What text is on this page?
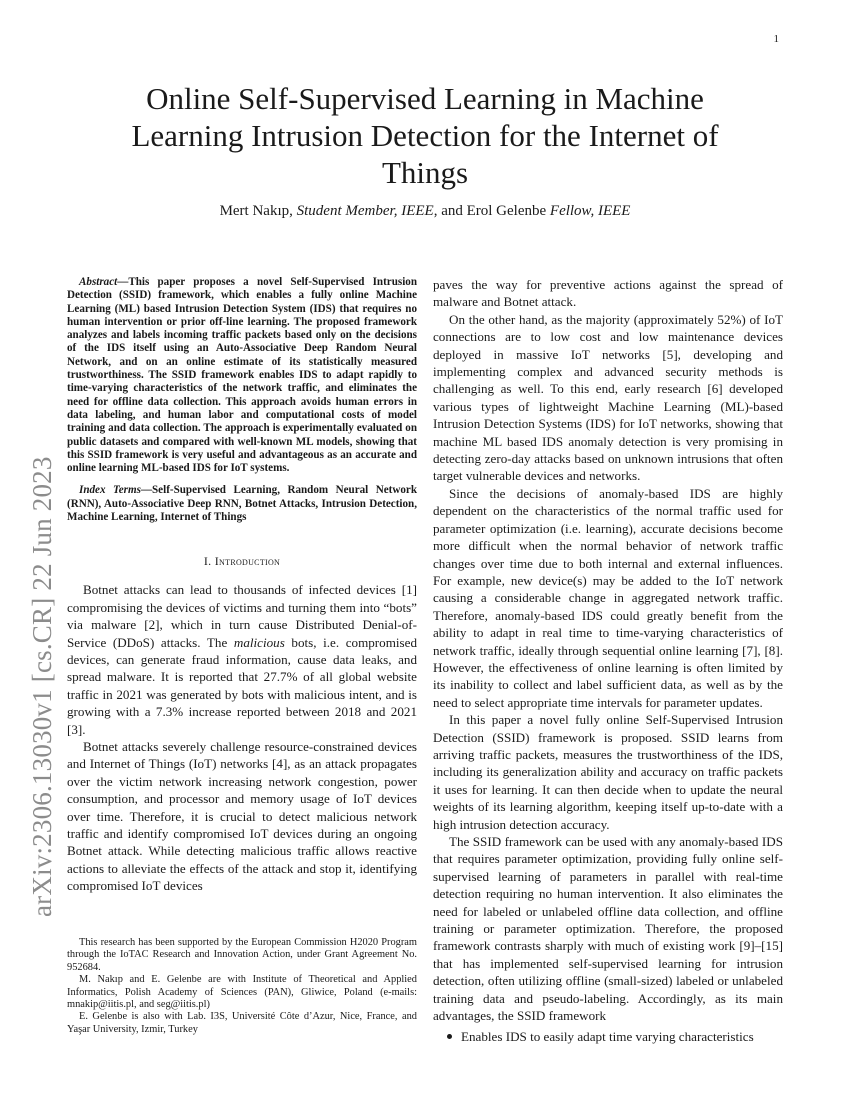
1
arXiv:2306.13030v1 [cs.CR] 22 Jun 2023
Online Self-Supervised Learning in Machine Learning Intrusion Detection for the Internet of Things

Mert Nakıp, Student Member, IEEE, and Erol Gelenbe Fellow, IEEE

Abstract—This paper proposes a novel Self-Supervised Intrusion Detection (SSID) framework, which enables a fully online Machine Learning (ML) based Intrusion Detection System (IDS) that requires no human intervention or prior off-line learning. The proposed framework analyzes and labels incoming traffic packets based only on the decisions of the IDS itself using an Auto-Associative Deep Random Neural Network, and on an online estimate of its statistically measured trustworthiness. The SSID framework enables IDS to adapt rapidly to time-varying characteristics of the network traffic, and eliminates the need for offline data collection. This approach avoids human errors in data labeling, and human labor and computational costs of model training and data collection. The approach is experimentally evaluated on public datasets and compared with well-known ML models, showing that this SSID framework is very useful and advantageous as an accurate and online learning ML-based IDS for IoT systems.

Index Terms—Self-Supervised Learning, Random Neural Network (RNN), Auto-Associative Deep RNN, Botnet Attacks, Intrusion Detection, Machine Learning, Internet of Things

I. Introduction

Botnet attacks can lead to thousands of infected devices [1] compromising the devices of victims and turning them into “bots” via malware [2], which in turn cause Distributed Denial-of-Service (DDoS) attacks. The malicious bots, i.e. compromised devices, can generate fraud information, cause data leaks, and spread malware. It is reported that 27.7% of all global website traffic in 2021 was generated by bots with malicious intent, and is growing with a 7.3% increase reported between 2018 and 2021 [3].

Botnet attacks severely challenge resource-constrained devices and Internet of Things (IoT) networks [4], as an attack propagates over the victim network increasing network congestion, power consumption, and processor and memory usage of IoT devices over time. Therefore, it is crucial to detect malicious network traffic and identify compromised IoT devices during an ongoing Botnet attack. While detecting malicious traffic allows reactive actions to alleviate the effects of the attack and stop it, identifying compromised IoT devices

This research has been supported by the European Commission H2020 Program through the IoTAC Research and Innovation Action, under Grant Agreement No. 952684.

M. Nakıp and E. Gelenbe are with Institute of Theoretical and Applied Informatics, Polish Academy of Sciences (PAN), Gliwice, Poland (e-mails: mnakip@iitis.pl, and seg@iitis.pl)

E. Gelenbe is also with Lab. I3S, Université Côte d’Azur, Nice, France, and Yaşar University, Izmir, Turkey

paves the way for preventive actions against the spread of malware and Botnet attack.

On the other hand, as the majority (approximately 52%) of IoT connections are to low cost and low maintenance devices deployed in massive IoT networks [5], developing and implementing complex and advanced security methods is challenging as well. To this end, early research [6] developed various types of lightweight Machine Learning (ML)-based Intrusion Detection Systems (IDS) for IoT networks, showing that machine ML based IDS anomaly detection is very promising in detecting zero-day attacks based on unknown intrusions that often target vulnerable devices and networks.

Since the decisions of anomaly-based IDS are highly dependent on the characteristics of the normal traffic used for parameter optimization (i.e. learning), accurate decisions become more difficult when the normal behavior of network traffic changes over time due to both internal and external influences. For example, new device(s) may be added to the IoT network causing a considerable change in aggregated network traffic. Therefore, anomaly-based IDS could greatly benefit from the ability to adapt in real time to time-varying characteristics of network traffic, ideally through sequential online learning [7], [8]. However, the effectiveness of online learning is often limited by its inability to collect and label sufficient data, as well as by the need to select appropriate time intervals for parameter updates.

In this paper a novel fully online Self-Supervised Intrusion Detection (SSID) framework is proposed. SSID learns from arriving traffic packets, measures the trustworthiness of the IDS, including its generalization ability and accuracy on traffic packets it uses for learning. It can then decide when to update the neural weights of its learning algorithm, keeping itself up-to-date with a high intrusion detection accuracy.

The SSID framework can be used with any anomaly-based IDS that requires parameter optimization, providing fully online self-supervised learning of parameters in parallel with real-time detection requiring no human intervention. It also eliminates the need for labeled or unlabeled offline data collection, and offline training or parameter optimization. Therefore, the proposed framework contrasts sharply with much of existing work [9]–[15] that has implemented self-supervised learning for intrusion detection, often utilizing offline (small-sized) labeled or unlabeled training data and pseudo-labeling. Accordingly, as its main advantages, the SSID framework

Enables IDS to easily adapt time varying characteristics
